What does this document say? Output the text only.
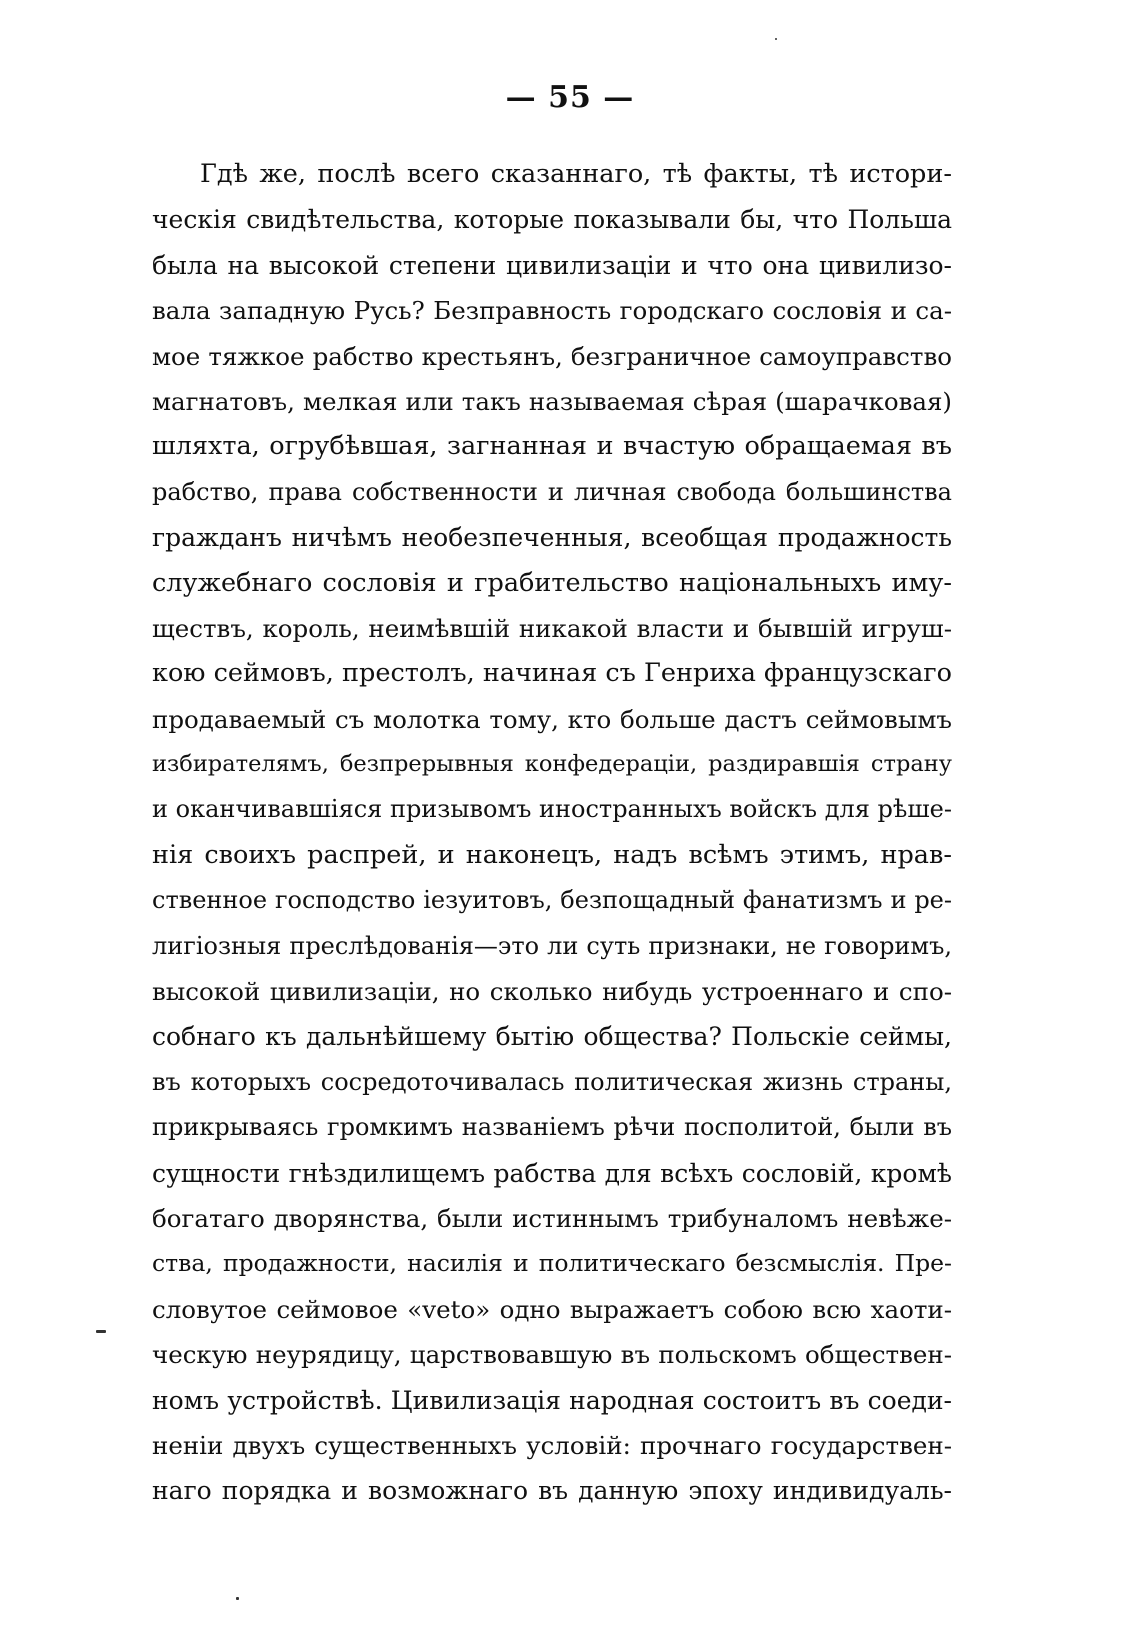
— 55 —
Гдѣ же, послѣ всего сказаннаго, тѣ факты, тѣ истори-
ческія свидѣтельства, которые показывали бы, что Польша
была на высокой степени цивилизаціи и что она цивилизо-
вала западную Русь? Безправность городскаго сословія и са-
мое тяжкое рабство крестьянъ, безграничное самоуправство
магнатовъ, мелкая или такъ называемая сѣрая (шарачковая)
шляхта, огрубѣвшая, загнанная и вчастую обращаемая въ
рабство, права собственности и личная свобода большинства
гражданъ ничѣмъ необезпеченныя, всеобщая продажность
служебнаго сословія и грабительство національныхъ иму-
ществъ, король, неимѣвшій никакой власти и бывшій игруш-
кою сеймовъ, престолъ, начиная съ Генриха французскаго
продаваемый съ молотка тому, кто больше дастъ сеймовымъ
избирателямъ, безпрерывныя конфедераціи, раздиравшія страну
и оканчивавшіяся призывомъ иностранныхъ войскъ для рѣше-
нія своихъ распрей, и наконецъ, надъ всѣмъ этимъ, нрав-
ственное господство іезуитовъ, безпощадный фанатизмъ и ре-
лигіозныя преслѣдованія—это ли суть признаки, не говоримъ,
высокой цивилизаціи, но сколько нибудь устроеннаго и спо-
собнаго къ дальнѣйшему бытію общества? Польскіе сеймы,
въ которыхъ сосредоточивалась политическая жизнь страны,
прикрываясь громкимъ названіемъ рѣчи посполитой, были въ
сущности гнѣздилищемъ рабства для всѣхъ сословій, кромѣ
богатаго дворянства, были истиннымъ трибуналомъ невѣже-
ства, продажности, насилія и политическаго безсмыслія. Пре-
словутое сеймовое «veto» одно выражаетъ собою всю хаоти-
ческую неурядицу, царствовавшую въ польскомъ обществен-
номъ устройствѣ. Цивилизація народная состоитъ въ соеди-
неніи двухъ существенныхъ условій: прочнаго государствен-
наго порядка и возможнаго въ данную эпоху индивидуаль-
